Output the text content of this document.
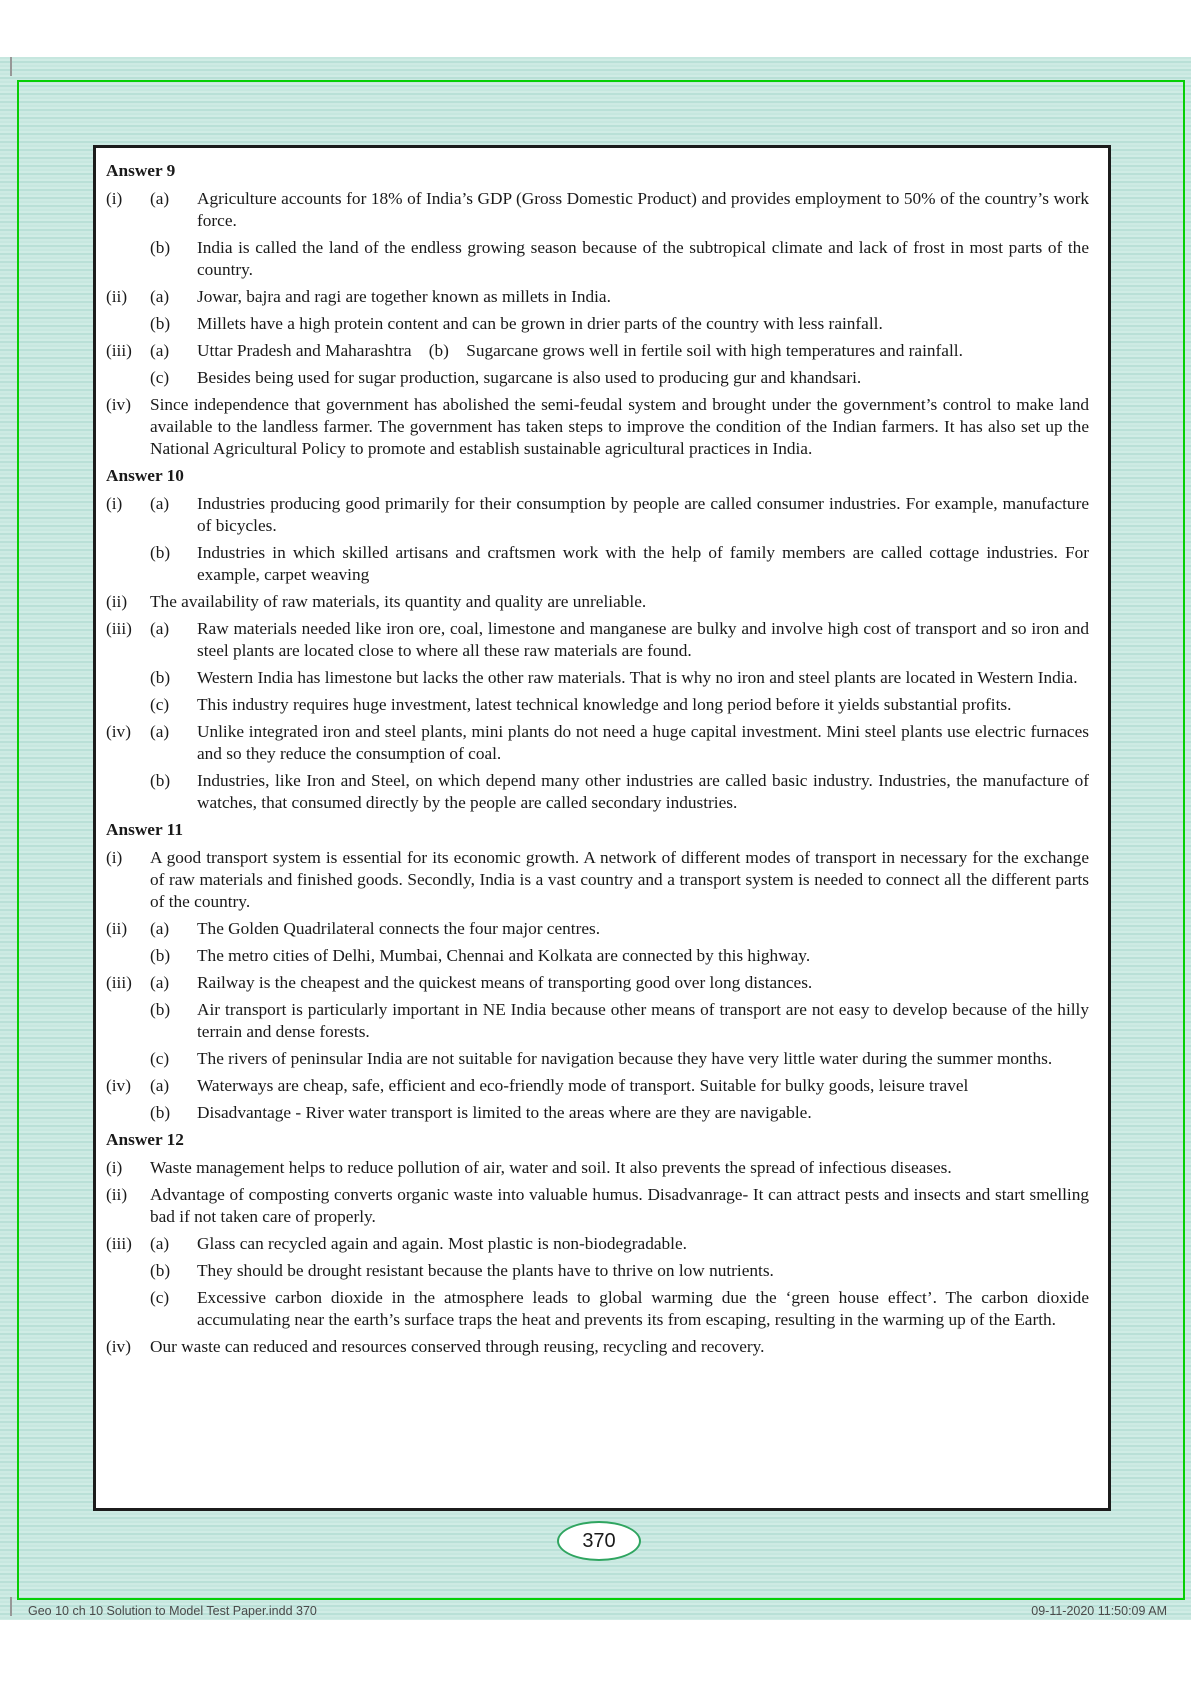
Answer 9
(i)	(a)	Agriculture accounts for 18% of India’s GDP (Gross Domestic Product) and provides employment to 50% of the country’s work force.
(b)	India is called the land of the endless growing season because of the subtropical climate and lack of frost in most parts of the country.
(ii)	(a)	Jowar, bajra and ragi are together known as millets in India.
(b)	Millets have a high protein content and can be grown in drier parts of the country with less rainfall.
(iii)	(a)	Uttar Pradesh and Maharashtra (b) Sugarcane grows well in fertile soil with high temperatures and rainfall.
(c)	Besides being used for sugar production, sugarcane is also used to producing gur and khandsari.
(iv)	Since independence that government has abolished the semi-feudal system and brought under the government’s control to make land available to the landless farmer. The government has taken steps to improve the condition of the Indian farmers. It has also set up the National Agricultural Policy to promote and establish sustainable agricultural practices in India.
Answer 10
(i)	(a)	Industries producing good primarily for their consumption by people are called consumer industries. For example, manufacture of bicycles.
(b)	Industries in which skilled artisans and craftsmen work with the help of family members are called cottage industries. For example, carpet weaving
(ii)	The availability of raw materials, its quantity and quality are unreliable.
(iii)	(a)	Raw materials needed like iron ore, coal, limestone and manganese are bulky and involve high cost of transport and so iron and steel plants are located close to where all these raw materials are found.
(b)	Western India has limestone but lacks the other raw materials. That is why no iron and steel plants are located in Western India.
(c)	This industry requires huge investment, latest technical knowledge and long period before it yields substantial profits.
(iv)	(a)	Unlike integrated iron and steel plants, mini plants do not need a huge capital investment. Mini steel plants use electric furnaces and so they reduce the consumption of coal.
(b)	Industries, like Iron and Steel, on which depend many other industries are called basic industry. Industries, the manufacture of watches, that consumed directly by the people are called secondary industries.
Answer 11
(i)	A good transport system is essential for its economic growth. A network of different modes of transport in necessary for the exchange of raw materials and finished goods. Secondly, India is a vast country and a transport system is needed to connect all the different parts of the country.
(ii)	(a)	The Golden Quadrilateral connects the four major centres.
(b)	The metro cities of Delhi, Mumbai, Chennai and Kolkata are connected by this highway.
(iii)	(a)	Railway is the cheapest and the quickest means of transporting good over long distances.
(b)	Air transport is particularly important in NE India because other means of transport are not easy to develop because of the hilly terrain and dense forests.
(c)	The rivers of peninsular India are not suitable for navigation because they have very little water during the summer months.
(iv)	(a)	Waterways are cheap, safe, efficient and eco-friendly mode of transport. Suitable for bulky goods, leisure travel
(b)	Disadvantage - River water transport is limited to the areas where are they are navigable.
Answer 12
(i)	Waste management helps to reduce pollution of air, water and soil. It also prevents the spread of infectious diseases.
(ii)	Advantage of composting converts organic waste into valuable humus. Disadvanrage- It can attract pests and insects and start smelling bad if not taken care of properly.
(iii)	(a)	Glass can recycled again and again. Most plastic is non-biodegradable.
(b)	They should be drought resistant because the plants have to thrive on low nutrients.
(c)	Excessive carbon dioxide in the atmosphere leads to global warming due the ‘green house effect’. The carbon dioxide accumulating near the earth’s surface traps the heat and prevents its from escaping, resulting in the warming up of the Earth.
(iv)	Our waste can reduced and resources conserved through reusing, recycling and recovery.
370
Geo 10 ch 10 Solution to Model Test Paper.indd 370	09-11-2020 11:50:09 AM
